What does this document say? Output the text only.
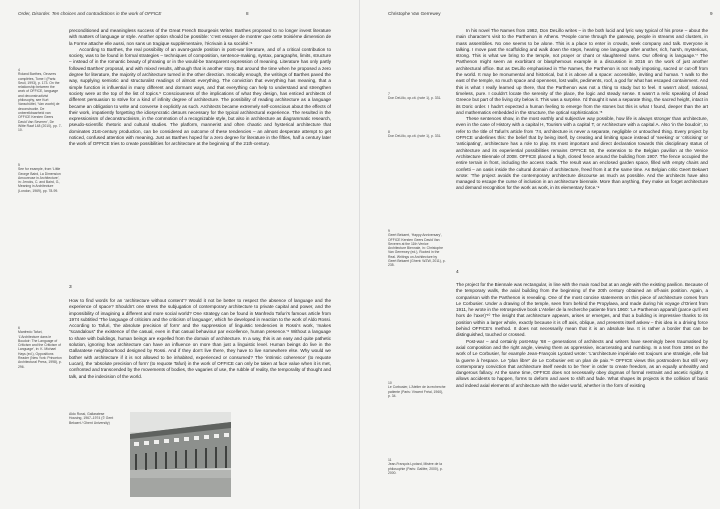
Order, Disorder. Ten choices and contradictions in the work of OFFICE	8

preconditioned and meaningless success of the Great French Bourgeois Writer. Barthes proposed to no longer invest literature with matters of language or style. Another option should be possible: ‘c’est essayer de montrer que cette troisième dimension de la Forme attache elle aussi, non sans un tragique supplémentaire, l’écrivain à sa société.’⁴

According to Barthes, the real possibility of an avant-garde position in post-war literature, and of a critical contribution to society, was to be found in formal strategies – techniques of composition, sentence-making, syntax, paragraphs, limits, structure – instead of in the romantic beauty of phrasing or in the would-be transparent expression of meaning. Literature has only partly followed Barthes’ proposal, and with mixed results, although that is another story. But around the time when he proposed a zero degree for literature, the majority of architecture turned in the other direction. Ironically enough, the writings of Barthes paved the way, supplying semiotic and structuralist readings of almost everything. The conviction that everything has meaning, that a simple function is influential in many different and dormant ways, and that everything can help to understand and strengthen society were at the top of the list of topics.⁵ Consciousness of the implications of what they design, has enticed architects of different persuasion to strive for a kind of infinity degree of architecture. The possibility of reading architecture as a language became an obligation to write and converse it explicitly as such. Architects became extremely self-conscious about the effects of their work, impatiently forgetting the idiosyncratic detours necessary for the typical architectural experience. The resulted in the expressionism of deconstructivism, in the commotion of a recognizable style, but also in architecture as diagrammatic research, pseudo-scientific rhetoric and cultural studies. The platform, mannerist and often chaotic and hysterical architecture that dominates 21st-century production, can be considered an outcome of these tendencies – an almost desperate attempt to get noticed, confused attention with meaning. Just as Barthes hoped for a zero degree for literature in the fifties, half a century later the work of OFFICE tries to create possibilities for architecture at the beginning of the 21th-century.

3

How to find words for an ‘architecture without content’? Would it not be better to respect the absence of language and the experience of space? Shouldn’t one stress the subjugation of contemporary architecture to private capital and power, and the impossibility of imagining a different and more social world? One strategy can be found in Manfredo Tafuri’s famous article from 1974 subtitled ‘The language of criticism and the criticism of language’, which he developed in reaction to the work of Aldo Rossi. According to Tafuri, ‘the absolute precision of form’ and the suppression of linguistic tendencies in Rossi’s work, ‘makes “scandalous” the existence of the casual, even in that casual behaviour par excellence, human presence.’⁶ Without a language to share with buildings, human beings are expelled from the domain of architecture. In a way, this is an easy and quite pathetic solution, ignoring how architecture can have an influence on more than just a linguistic level. Human beings do live in the Gallaratese neighbourhood designed by Rossi. And if they don’t live there, they have to live somewhere else. Why would we bother with architecture if it is not allowed to be inhabited, experienced or consumed? The ‘intrinsic coherence’ (to requote Lucan), the ‘absolute precision of form’ (to requote Tafuri) in the work of OFFICE can only be taken at face value when it is met, confronted and transcended by the movements of bodies, the vagaries of use, the rubble of reality, the temporality of thought and talk, and the indecision of the world.

4
Roland Barthes, Oeuvres complètes, Tome I (Paris: Seuil, 1993), p. 173. On the relationship between the work of OFFICE, language and deconstructivist philosophy, see Kurt Vanschüttel, ‘Van voorbij de deconstructie. De onbereikbaarheid van OFFICE Kersten Geers David Van Severen’, De Witte Raaf 148 (2010), pp. 7-10.
5
See for example, from ‘Little George Baird, La Dimension Amoureuse in Architecture’, in: Jencks, C. and Baird, G., Meaning in Architecture (London, 1969), pp. 78-99.
6
Manfredo Tafuri, ‘L’Architecture dans le Boudoir: The Language of Criticism and the Criticism of Language’, in: K. Michael Hays (ed.), Oppositions Reader (New York: Princeton Architectural Press, 1998), p. 296.
Aldo Rossi, Gallaratese Housing, 1967–1974 (© Gent Bekaert / Ghent University)
Christophe Van Gerrewey	9

In his novel The Names from 1982, Don DeLillo writes – in the both lucid and lyric way typical of his prose – about the main character’s visit to the Parthenon in Athens. ‘People come through the gateway, people in streams and clusters, in mass assemblies. No one seems to be alone. This is a place to enter in crowds, seek company and talk. Everyone is talking. I move past the scaffolding and walk down the steps, hearing one language after another, rich, harsh, mysterious, strong. This is what we bring to the temple, not prayer or chant or slaughtered rams. Our offering is language.’⁷ The Parthenon might seem an exorbitant or blasphemous example in a discussion in 2016 on the work of just another architectural office. But as DeLillo emphasised in The Names, the Parthenon is not really imposing, sacred or cut-off from the world. It may be monumental and historical, but it is above all a space: accessible, inviting and human. ‘I walk to the east of the temple, so much space and openness, lost walls, pediments, roof, a god for what has escaped containment. And this is what I really learned up there, that the Parthenon was not a thing to study but to feel. It wasn’t aloof, rational, timeless, pure. I couldn’t locate the serenity of the place, the logic and steady sense. It wasn’t a relic speaking of dead Greece but part of the living city below it. This was a surprise. I’d thought it was a separate thing, the sacred height, intact in its Doric order. I hadn’t expected a human feeling to emerge from the stones but this is what I found, deeper than the art and mathematics embedded in the structure, the optical sophistication.’⁸

These sentences show, in the most earthly and subjective way possible, how life is always stronger than architecture, even in the case of History with a capital H, Tourism with a capital T, or Architecture with a capital A. Also ‘in the boudoir’, to refer to the title of Tafuri’s article from ’74, architecture is never a separate, negligible or untouched thing. Every project by OFFICE underlines this: the belief that by being itself, by creating and limiting space instead of ‘seeking’ or ‘criticising’ or ‘anticipating’, architecture has a role to play. Its most important and direct declaration towards this disciplinary status of architecture and its experiential possibilities remains OFFICE 50, the extension to the Belgian pavilion at the Venice Architecture Biennale of 2008. OFFICE placed a high, closed fence around the building from 1907. The fence occupied the entire terrain in front, including the access roads. The result was an enclosed garden space, filled with empty chairs and confetti – an oasis inside the cultural domain of architecture, freed from it at the same time. As Belgian critic Geert Bekaert wrote: ‘The project avoids the contemporary architecture discourse as much as possible. And the architects have also managed to escape the curse of inclusion in an architecture biennale. More than anything, they make us forget architecture and demand recognition for the work as work, in its elementary force.’⁹

4

The project for the Biennale was rectangular, in line with the main road but at an angle with the existing pavilion. Because of the temporary walls, the axial building from the beginning of the 20th century obtained an off-axis position. Again, a comparison with the Parthenon is revealing. One of the most concise statements on this piece of architecture comes from Le Corbusier. Under a drawing of the temple, seen from behind the Propylaea, and made during his voyage d’Orient from 1911, he wrote in the retrospective book L’Atelier de la recherche patiente from 1960: ‘Le Parthenon apparaît (parce qu’il est hors de l’axe!)’¹⁰ The insight that architecture appears, arises or emerges, and that a building is impressive thanks to its position within a larger whole, exactly because it is off axis, oblique, and presents itself askew – this idea is a driving force behind OFFICE’s method. It does not necessarily mean that it is an absolute law. It is rather a border that can be distinguished, touched or crossed.

Post-war – and certainly post-May ’68 – generations of architects and writers have seemingly been traumatised by axial composition and the right angle, viewing them as oppressive, incarcerating and numbing. In a text from 1994 on the work of Le Corbusier, for example Jean-François Lyotard wrote: ‘L’architecture impériale est toujours une stratégie, elle fait la guerre à l’espace. Le “plan libre” de Le Corbusier est un plan de paix.’¹¹ OFFICE views this postmodern but still very contemporary conviction that architecture itself needs to be ‘free’ in order to create freedom, as an equally unhealthy and dangerous fallacy. At the same time, OFFICE does not necessarily obey dogmas of formal restraint and ascetic rigidity. It allows accidents to happen, forms to deform and axes to shift and fade. What shapes its projects is the collision of basic and indeed axial elements of architecture with the wider world, whether in the form of existing

7
Don DeLillo, op.cit. (note 1), p. 331.
8
Don DeLillo, op.cit. (note 1), p. 331.
9
Geert Bekaert, ‘Happy Anniversary’, OFFICE Kersten Geers David Van Severen at the 11th Venice Architecture Biennale, in: Christophe Van Gerrewey (ed.), Rooted in the Real. Writings on Architecture by Geert Bekaert (Ghent: WZW, 2011), p. 235.
10
Le Corbusier, L’Atelier de la recherche patiente (Paris: Vincent Fréal, 1960), p. 34.
11
Jean-François Lyotard, Misère de la philosophie (Paris: Galilée, 2000), p. 2000.
